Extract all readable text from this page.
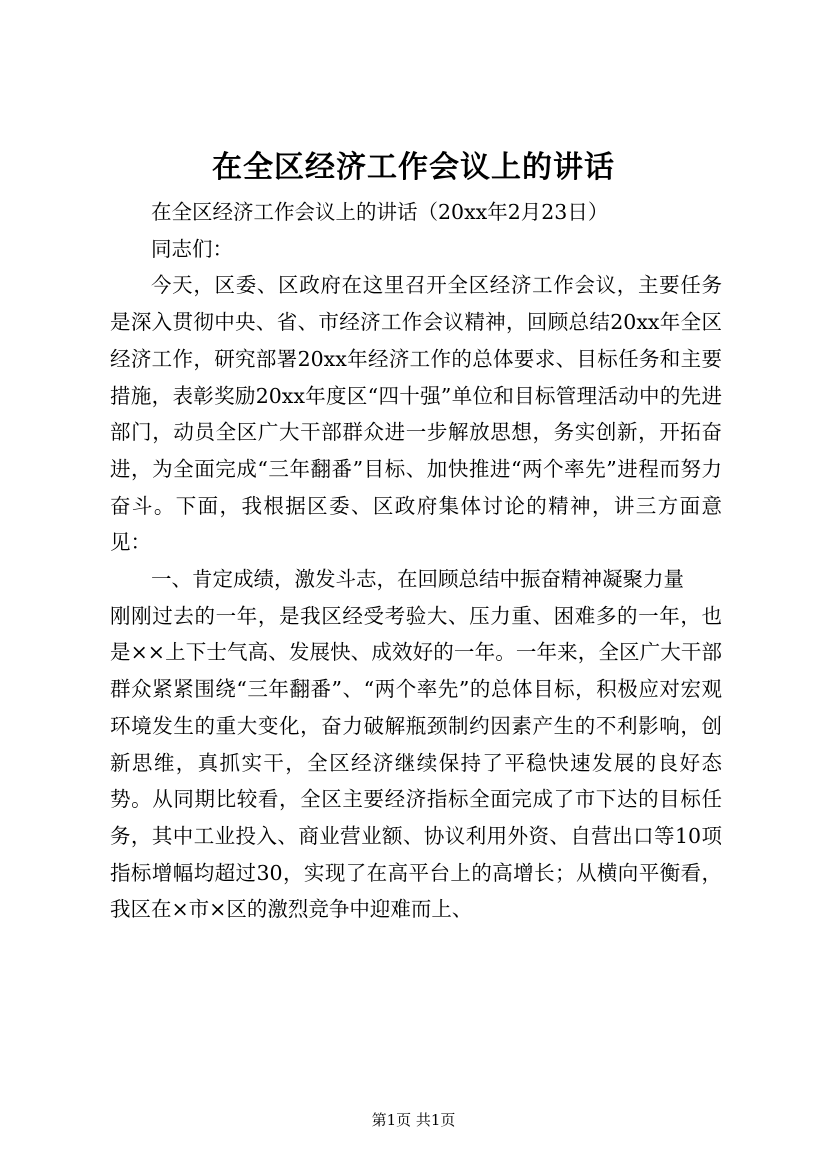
在全区经济工作会议上的讲话

在全区经济工作会议上的讲话（20xx年2月23日）

同志们：

今天，区委、区政府在这里召开全区经济工作会议，主要任务是深入贯彻中央、省、市经济工作会议精神，回顾总结20xx年全区经济工作，研究部署20xx年经济工作的总体要求、目标任务和主要措施，表彰奖励20xx年度区“四十强”单位和目标管理活动中的先进部门，动员全区广大干部群众进一步解放思想，务实创新，开拓奋进，为全面完成“三年翻番”目标、加快推进“两个率先”进程而努力奋斗。下面，我根据区委、区政府集体讨论的精神，讲三方面意见：

一、肯定成绩，激发斗志，在回顾总结中振奋精神凝聚力量

刚刚过去的一年，是我区经受考验大、压力重、困难多的一年，也是××上下士气高、发展快、成效好的一年。一年来，全区广大干部群众紧紧围绕“三年翻番”、“两个率先”的总体目标，积极应对宏观环境发生的重大变化，奋力破解瓶颈制约因素产生的不利影响，创新思维，真抓实干，全区经济继续保持了平稳快速发展的良好态势。从同期比较看，全区主要经济指标全面完成了市下达的目标任务，其中工业投入、商业营业额、协议利用外资、自营出口等10项指标增幅均超过30，实现了在高平台上的高增长；从横向平衡看，我区在×市×区的激烈竞争中迎难而上、

第1页 共1页
